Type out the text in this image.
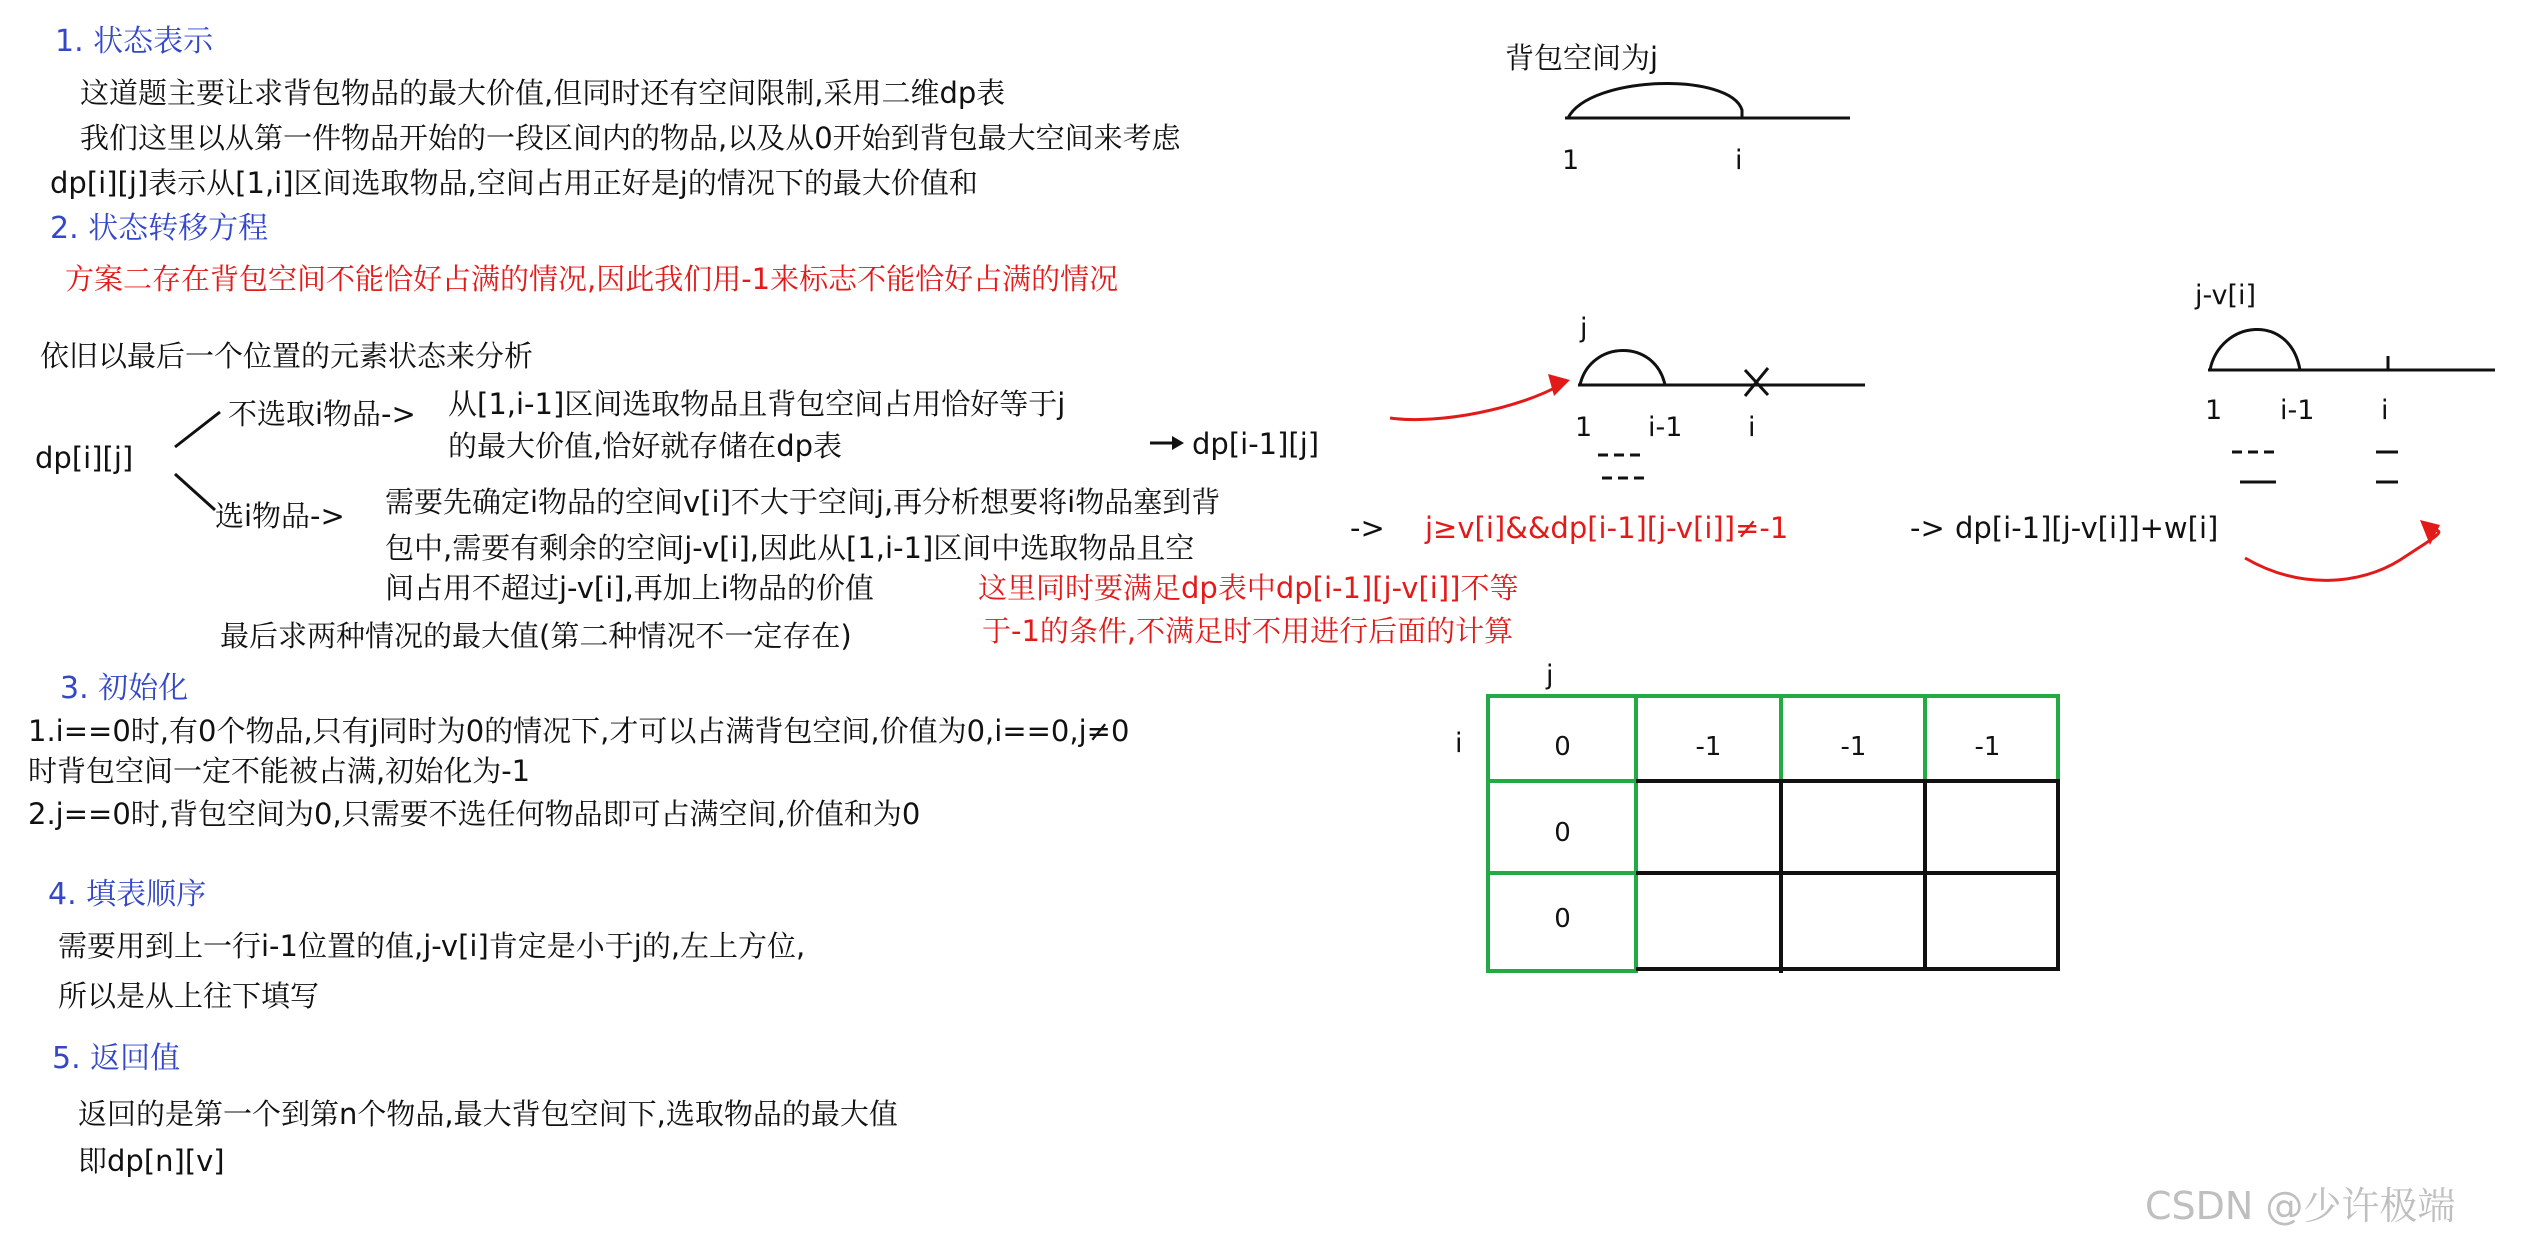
1. 状态表示
这道题主要让求背包物品的最大价值,但同时还有空间限制,采用二维dp表
我们这里以从第一件物品开始的一段区间内的物品,以及从0开始到背包最大空间来考虑
dp[i][j]表示从[1,i]区间选取物品,空间占用正好是j的情况下的最大价值和
2. 状态转移方程
方案二存在背包空间不能恰好占满的情况,因此我们用-1来标志不能恰好占满的情况
依旧以最后一个位置的元素状态来分析
dp[i][j]
不选取i物品-> 从[1,i-1]区间选取物品且背包空间占用恰好等于j
的最大价值,恰好就存储在dp表	dp[i-1][j]
选i物品-> 需要先确定i物品的空间v[i]不大于空间j,再分析想要将i物品塞到背
包中,需要有剩余的空间j-v[i],因此从[1,i-1]区间中选取物品且空
间占用不超过j-v[i],再加上i物品的价值	这里同时要满足dp表中dp[i-1][j-v[i]]不等
于-1的条件,不满足时不用进行后面的计算
-> j≥v[i]&&dp[i-1][j-v[i]]≠-1	-> dp[i-1][j-v[i]]+w[i]
最后求两种情况的最大值(第二种情况不一定存在)
3. 初始化
1.i==0时,有0个物品,只有j同时为0的情况下,才可以占满背包空间,价值为0,i==0,j≠0
时背包空间一定不能被占满,初始化为-1
2.j==0时,背包空间为0,只需要不选任何物品即可占满空间,价值和为0
4. 填表顺序
需要用到上一行i-1位置的值,j-v[i]肯定是小于j的,左上方位,
所以是从上往下填写
5. 返回值
返回的是第一个到第n个物品,最大背包空间下,选取物品的最大值
即dp[n][v]
背包空间为j
1	i
j
1 i-1 i
j-v[i]
1 i-1 i
j
i	0	-1	-1	-1
0
0
CSDN @少许极端
